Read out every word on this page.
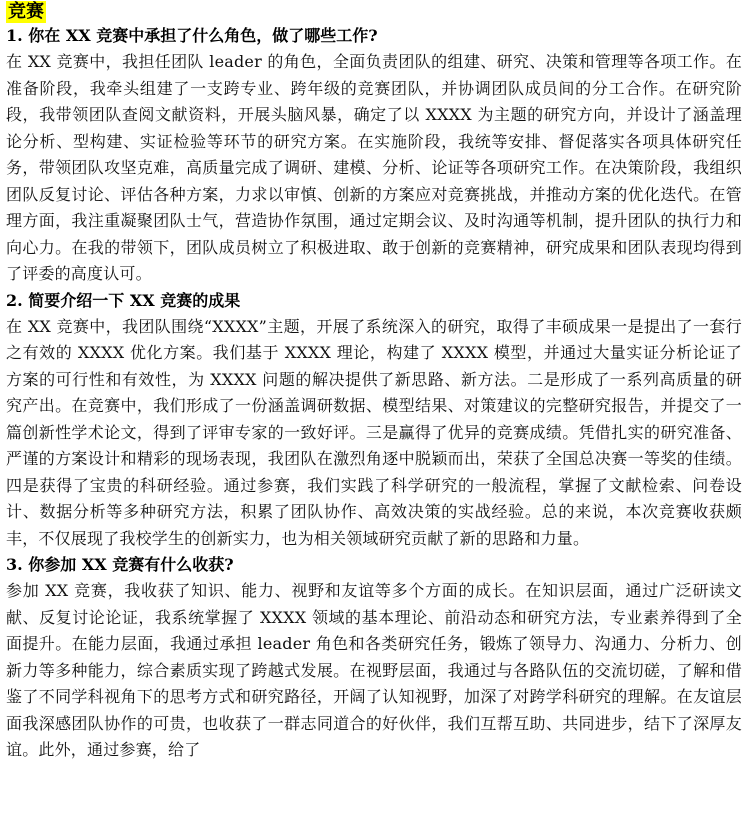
竞赛
1. 你在 XX 竞赛中承担了什么角色，做了哪些工作?

在 XX 竞赛中，我担任团队 leader 的角色，全面负责团队的组建、研究、决策和管理等各项工作。在准备阶段，我牵头组建了一支跨专业、跨年级的竞赛团队，并协调团队成员间的分工合作。在研究阶段，我带领团队查阅文献资料，开展头脑风暴，确定了以 XXXX 为主题的研究方向，并设计了涵盖理论分析、型构建、实证检验等环节的研究方案。在实施阶段，我统等安排、督促落实各项具体研究任务，带领团队攻坚克难，高质量完成了调研、建模、分析、论证等各项研究工作。在决策阶段，我组织团队反复讨论、评估各种方案，力求以审慎、创新的方案应对竞赛挑战，并推动方案的优化迭代。在管理方面，我注重凝聚团队士气，营造协作氛围，通过定期会议、及时沟通等机制，提升团队的执行力和向心力。在我的带领下，团队成员树立了积极进取、敢于创新的竞赛精神，研究成果和团队表现均得到了评委的高度认可。

2. 简要介绍一下 XX 竞赛的成果

在 XX 竞赛中，我团队围绕“XXXX”主题，开展了系统深入的研究，取得了丰硕成果一是提出了一套行之有效的 XXXX 优化方案。我们基于 XXXX 理论，构建了 XXXX 模型，并通过大量实证分析论证了方案的可行性和有效性，为 XXXX 问题的解决提供了新思路、新方法。二是形成了一系列高质量的研究产出。在竞赛中，我们形成了一份涵盖调研数据、模型结果、对策建议的完整研究报告，并提交了一篇创新性学术论文，得到了评审专家的一致好评。三是赢得了优异的竞赛成绩。凭借扎实的研究准备、严谨的方案设计和精彩的现场表现，我团队在激烈角逐中脱颖而出，荣获了全国总决赛一等奖的佳绩。四是获得了宝贵的科研经验。通过参赛，我们实践了科学研究的一般流程，掌握了文献检索、问卷设计、数据分析等多种研究方法，积累了团队协作、高效决策的实战经验。总的来说，本次竞赛收获颇丰，不仅展现了我校学生的创新实力，也为相关领域研究贡献了新的思路和力量。

3. 你参加 XX 竞赛有什么收获?

参加 XX 竞赛，我收获了知识、能力、视野和友谊等多个方面的成长。在知识层面，通过广泛研读文献、反复讨论论证，我系统掌握了 XXXX 领域的基本理论、前沿动态和研究方法，专业素养得到了全面提升。在能力层面，我通过承担 leader 角色和各类研究任务，锻炼了领导力、沟通力、分析力、创新力等多种能力，综合素质实现了跨越式发展。在视野层面，我通过与各路队伍的交流切磋，了解和借鉴了不同学科视角下的思考方式和研究路径，开阔了认知视野，加深了对跨学科研究的理解。在友谊层面我深感团队协作的可贵，也收获了一群志同道合的好伙伴，我们互帮互助、共同进步，结下了深厚友谊。此外，通过参赛，给了
